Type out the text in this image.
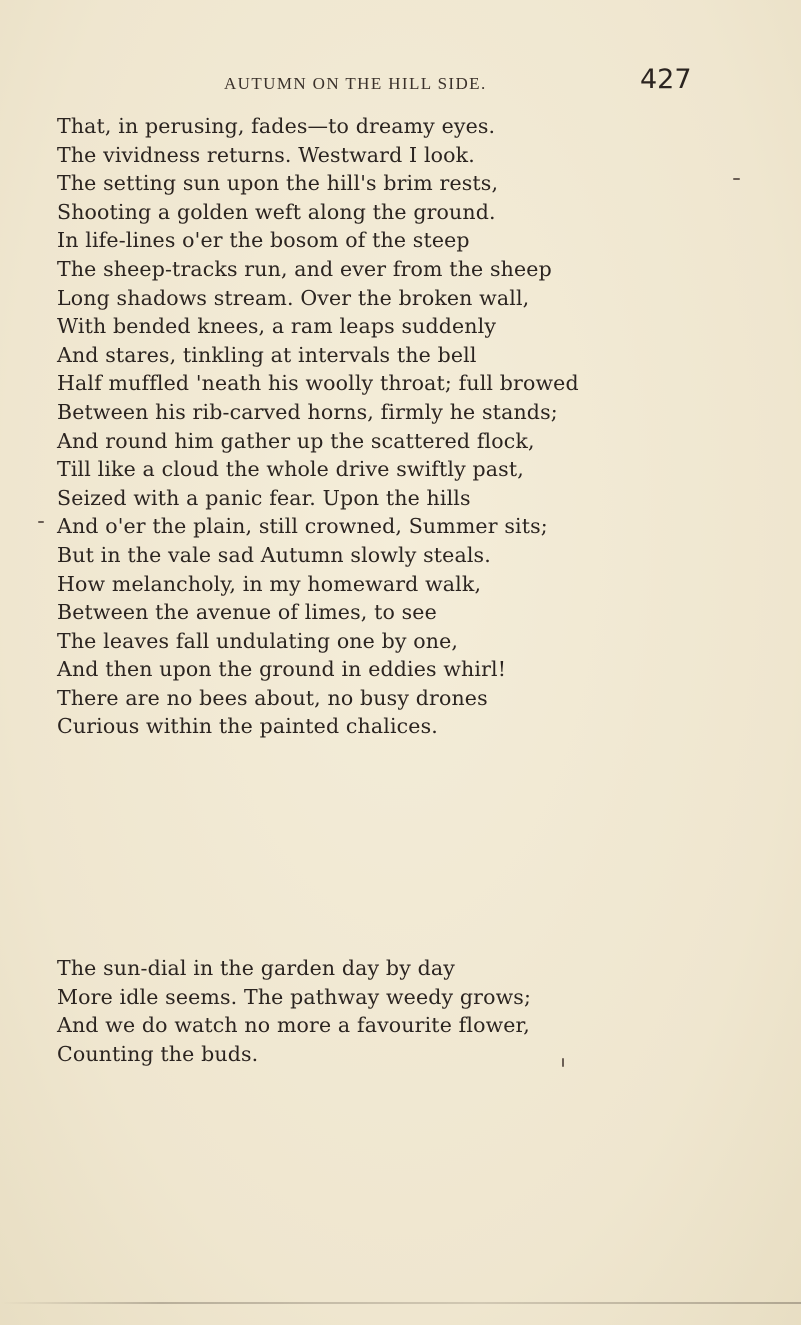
AUTUMN ON THE HILL SIDE.	427
That, in perusing, fades—to dreamy eyes.
The vividness returns. Westward I look.
The setting sun upon the hill's brim rests,
Shooting a golden weft along the ground.
In life-lines o'er the bosom of the steep
The sheep-tracks run, and ever from the sheep
Long shadows stream. Over the broken wall,
With bended knees, a ram leaps suddenly
And stares, tinkling at intervals the bell
Half muffled 'neath his woolly throat; full browed
Between his rib-carved horns, firmly he stands;
And round him gather up the scattered flock,
Till like a cloud the whole drive swiftly past,
Seized with a panic fear. Upon the hills
And o'er the plain, still crowned, Summer sits;
But in the vale sad Autumn slowly steals.
How melancholy, in my homeward walk,
Between the avenue of limes, to see
The leaves fall undulating one by one,
And then upon the ground in eddies whirl!
There are no bees about, no busy drones
Curious within the painted chalices.
The sun-dial in the garden day by day
More idle seems. The pathway weedy grows;
And we do watch no more a favourite flower,
Counting the buds.
